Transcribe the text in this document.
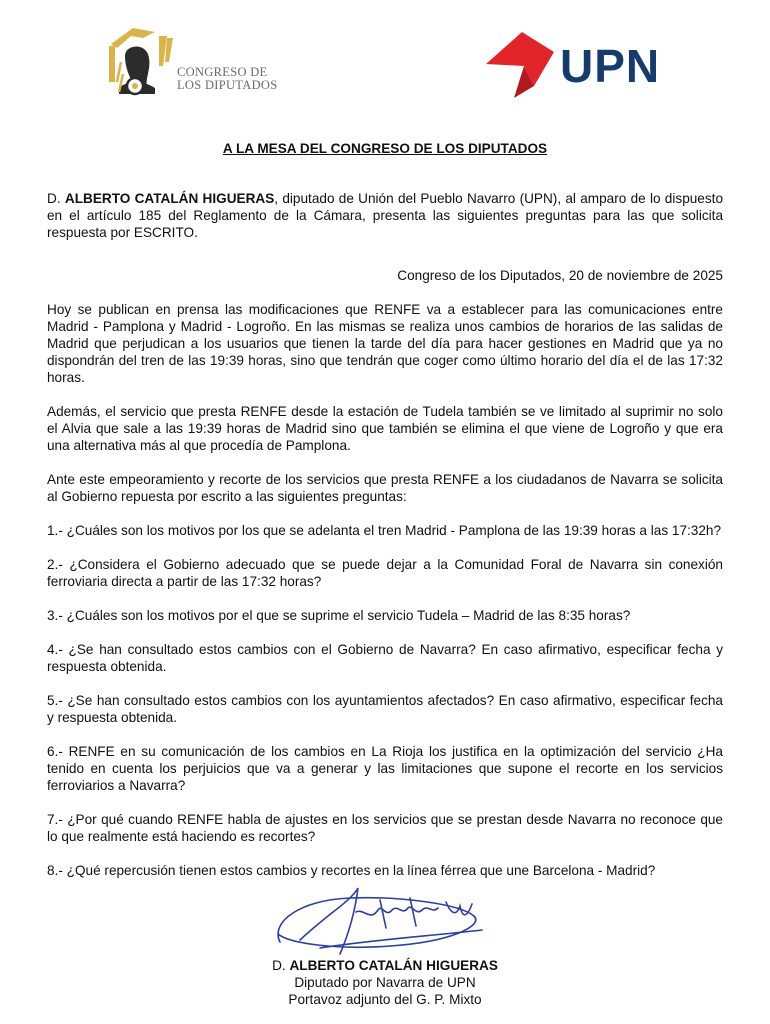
CONGRESO DE
LOS DIPUTADOS	UPN
A LA MESA DEL CONGRESO DE LOS DIPUTADOS

D. ALBERTO CATALÁN HIGUERAS, diputado de Unión del Pueblo Navarro (UPN), al amparo de lo dispuesto en el artículo 185 del Reglamento de la Cámara, presenta las siguientes preguntas para las que solicita respuesta por ESCRITO.

Congreso de los Diputados, 20 de noviembre de 2025

Hoy se publican en prensa las modificaciones que RENFE va a establecer para las comunicaciones entre Madrid - Pamplona y Madrid - Logroño. En las mismas se realiza unos cambios de horarios de las salidas de Madrid que perjudican a los usuarios que tienen la tarde del día para hacer gestiones en Madrid que ya no dispondrán del tren de las 19:39 horas, sino que tendrán que coger como último horario del día el de las 17:32 horas.

Además, el servicio que presta RENFE desde la estación de Tudela también se ve limitado al suprimir no solo el Alvia que sale a las 19:39 horas de Madrid sino que también se elimina el que viene de Logroño y que era una alternativa más al que procedía de Pamplona.

Ante este empeoramiento y recorte de los servicios que presta RENFE a los ciudadanos de Navarra se solicita al Gobierno repuesta por escrito a las siguientes preguntas:

1.- ¿Cuáles son los motivos por los que se adelanta el tren Madrid - Pamplona de las 19:39 horas a las 17:32h?

2.- ¿Considera el Gobierno adecuado que se puede dejar a la Comunidad Foral de Navarra sin conexión ferroviaria directa a partir de las 17:32 horas?

3.- ¿Cuáles son los motivos por el que se suprime el servicio Tudela – Madrid de las 8:35 horas?

4.- ¿Se han consultado estos cambios con el Gobierno de Navarra? En caso afirmativo, especificar fecha y respuesta obtenida.

5.- ¿Se han consultado estos cambios con los ayuntamientos afectados? En caso afirmativo, especificar fecha y respuesta obtenida.

6.- RENFE en su comunicación de los cambios en La Rioja los justifica en la optimización del servicio ¿Ha tenido en cuenta los perjuicios que va a generar y las limitaciones que supone el recorte en los servicios ferroviarios a Navarra?

7.- ¿Por qué cuando RENFE habla de ajustes en los servicios que se prestan desde Navarra no reconoce que lo que realmente está haciendo es recortes?

8.- ¿Qué repercusión tienen estos cambios y recortes en la línea férrea que une Barcelona - Madrid?

D. ALBERTO CATALÁN HIGUERAS
Diputado por Navarra de UPN
Portavoz adjunto del G. P. Mixto
